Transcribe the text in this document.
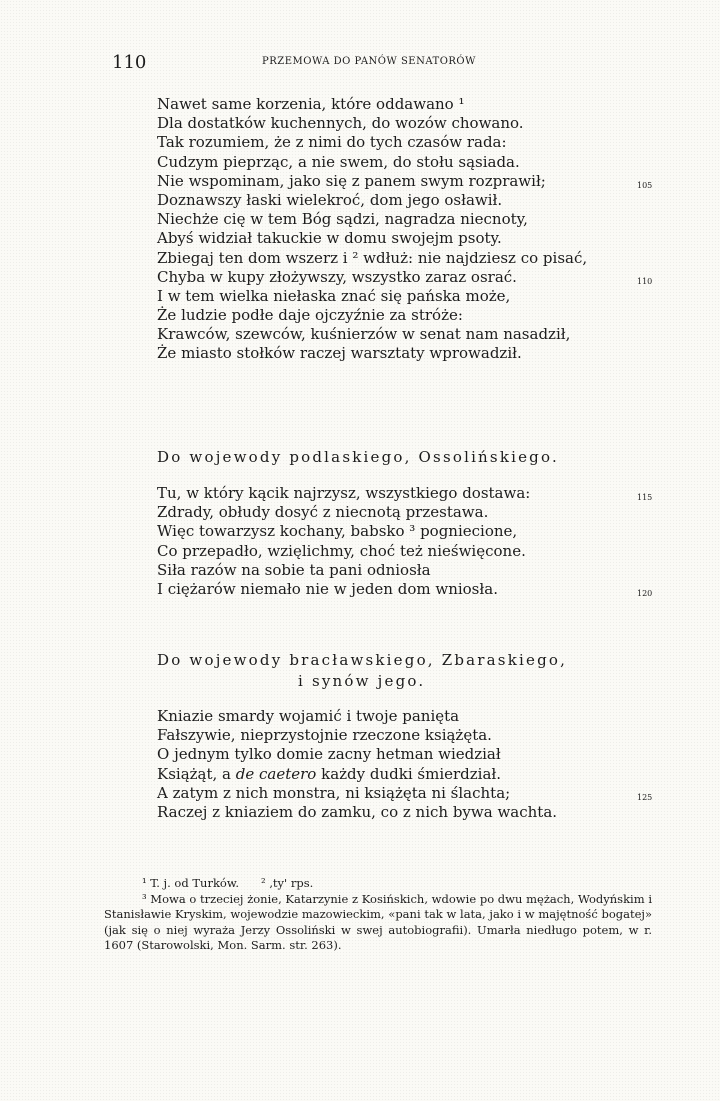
110	PRZEMOWA DO PANÓW SENATORÓW
Nawet same korzenia, które oddawano ¹
Dla dostatków kuchennych, do wozów chowano.
Tak rozumiem, że z nimi do tych czasów rada:
Cudzym pieprząc, a nie swem, do stołu sąsiada.
Nie wspominam, jako się z panem swym rozprawił;	105
Doznawszy łaski wielekroć, dom jego osławił.
Niechże cię w tem Bóg sądzi, nagradza niecnoty,
Abyś widział takuckie w domu swojejm psoty.
Zbiegaj ten dom wszerz i ² wdłuż: nie najdziesz co pisać,
Chyba w kupy złożywszy, wszystko zaraz osrać.	110
I w tem wielka niełaska znać się pańska może,
Że ludzie podłe daje ojczyźnie za stróże:
Krawców, szewców, kuśnierzów w senat nam nasadził,
Że miasto stołków raczej warsztaty wprowadził.
Do wojewody podlaskiego, Ossolińskiego.
Tu, w który kącik najrzysz, wszystkiego dostawa:	115
Zdrady, obłudy dosyć z niecnotą przestawa.
Więc towarzysz kochany, babsko ³ pogniecione,
Co przepadło, wzięlichmy, choć też nieświęcone.
Siła razów na sobie ta pani odniosła
I ciężarów niemało nie w jeden dom wniosła.	120
Do wojewody bracławskiego, Zbaraskiego,
i synów jego.
Kniazie smardy wojamić i twoje panięta
Fałszywie, nieprzystojnie rzeczone książęta.
O jednym tylko domie zacny hetman wiedział
Książąt, a de caetero każdy dudki śmierdział.
A zatym z nich monstra, ni książęta ni ślachta;	125
Raczej z kniaziem do zamku, co z nich bywa wachta.

¹ T. j. od Turków. ² ‚ty' rps.

³ Mowa o trzeciej żonie, Katarzynie z Kosińskich, wdowie po dwu mężach, Wodyńskim i Stanisławie Kryskim, wojewodzie mazowieckim, «pani tak w lata, jako i w majętność bogatej» (jak się o niej wyraża Jerzy Ossoliński w swej autobiografii). Umarła niedługo potem, w r. 1607 (Starowolski, Mon. Sarm. str. 263).
